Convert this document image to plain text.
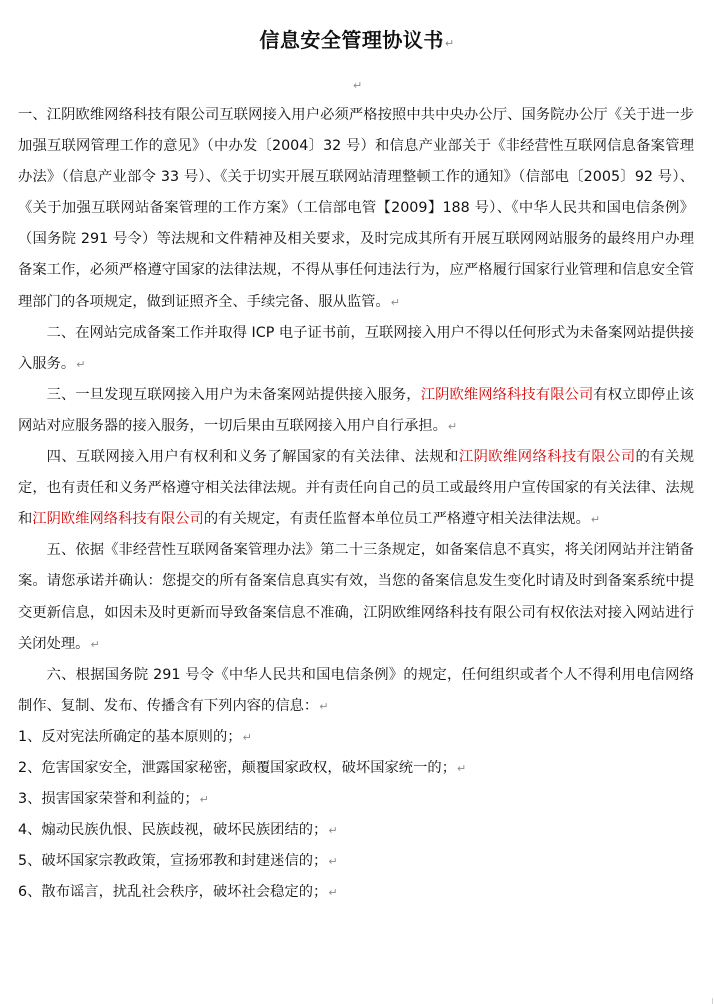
信息安全管理协议书↵
↵

一、江阴欧维网络科技有限公司互联网接入用户必须严格按照中共中央办公厅、国务院办公厅《关于进一步加强互联网管理工作的意见》（中办发〔2004〕32 号）和信息产业部关于《非经营性互联网信息备案管理办法》（信息产业部令 33 号）、《关于切实开展互联网站清理整顿工作的通知》（信部电〔2005〕92 号）、《关于加强互联网站备案管理的工作方案》（工信部电管【2009】188 号）、《中华人民共和国电信条例》（国务院 291 号令）等法规和文件精神及相关要求，及时完成其所有开展互联网网站服务的最终用户办理备案工作，必须严格遵守国家的法律法规，不得从事任何违法行为，应严格履行国家行业管理和信息安全管理部门的各项规定，做到证照齐全、手续完备、服从监管。↵

二、在网站完成备案工作并取得 ICP 电子证书前，互联网接入用户不得以任何形式为未备案网站提供接入服务。↵

三、一旦发现互联网接入用户为未备案网站提供接入服务，江阴欧维网络科技有限公司有权立即停止该网站对应服务器的接入服务，一切后果由互联网接入用户自行承担。↵

四、互联网接入用户有权利和义务了解国家的有关法律、法规和江阴欧维网络科技有限公司的有关规定，也有责任和义务严格遵守相关法律法规。并有责任向自己的员工或最终用户宣传国家的有关法律、法规和江阴欧维网络科技有限公司的有关规定，有责任监督本单位员工严格遵守相关法律法规。↵

五、依据《非经营性互联网备案管理办法》第二十三条规定，如备案信息不真实，将关闭网站并注销备案。请您承诺并确认：您提交的所有备案信息真实有效，当您的备案信息发生变化时请及时到备案系统中提交更新信息，如因未及时更新而导致备案信息不准确，江阴欧维网络科技有限公司有权依法对接入网站进行关闭处理。↵

六、根据国务院 291 号令《中华人民共和国电信条例》的规定，任何组织或者个人不得利用电信网络制作、复制、发布、传播含有下列内容的信息：↵

1、反对宪法所确定的基本原则的；↵

2、危害国家安全，泄露国家秘密，颠覆国家政权，破坏国家统一的；↵

3、损害国家荣誉和利益的；↵

4、煽动民族仇恨、民族歧视，破坏民族团结的；↵

5、破坏国家宗教政策，宣扬邪教和封建迷信的；↵

6、散布谣言，扰乱社会秩序，破坏社会稳定的；↵
